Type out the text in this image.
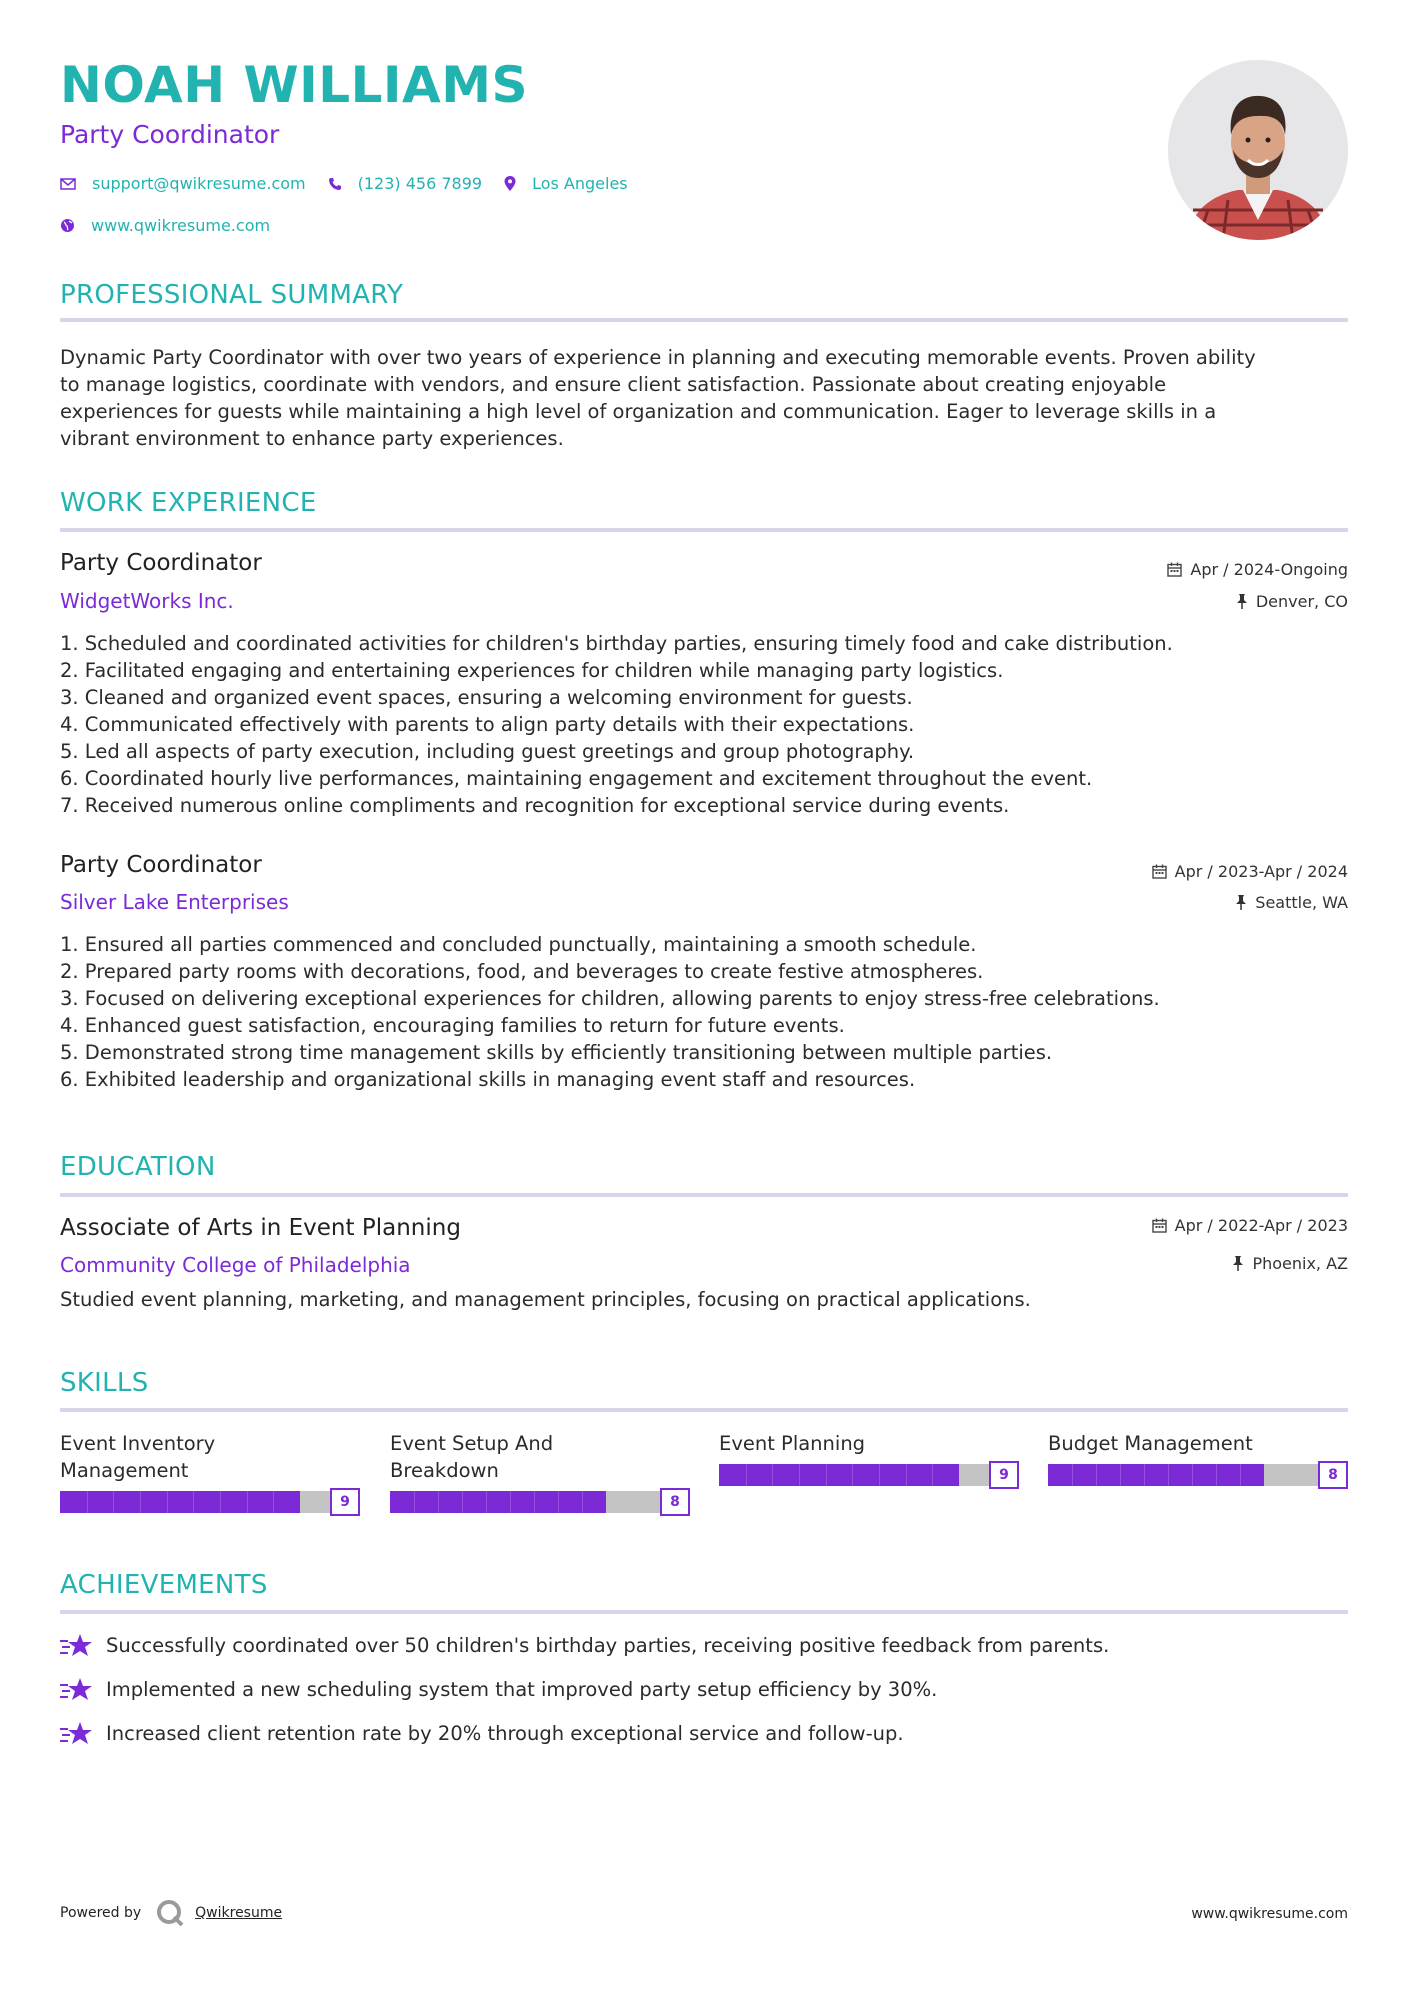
NOAH WILLIAMS
Party Coordinator
support@qwikresume.com	(123) 456 7899	Los Angeles
www.qwikresume.com
PROFESSIONAL SUMMARY
Dynamic Party Coordinator with over two years of experience in planning and executing memorable events. Proven ability
to manage logistics, coordinate with vendors, and ensure client satisfaction. Passionate about creating enjoyable
experiences for guests while maintaining a high level of organization and communication. Eager to leverage skills in a
vibrant environment to enhance party experiences.
WORK EXPERIENCE
Party Coordinator
WidgetWorks Inc.
Apr / 2024-Ongoing
Denver, CO
1. Scheduled and coordinated activities for children's birthday parties, ensuring timely food and cake distribution.
2. Facilitated engaging and entertaining experiences for children while managing party logistics.
3. Cleaned and organized event spaces, ensuring a welcoming environment for guests.
4. Communicated effectively with parents to align party details with their expectations.
5. Led all aspects of party execution, including guest greetings and group photography.
6. Coordinated hourly live performances, maintaining engagement and excitement throughout the event.
7. Received numerous online compliments and recognition for exceptional service during events.
Party Coordinator
Silver Lake Enterprises
Apr / 2023-Apr / 2024
Seattle, WA
1. Ensured all parties commenced and concluded punctually, maintaining a smooth schedule.
2. Prepared party rooms with decorations, food, and beverages to create festive atmospheres.
3. Focused on delivering exceptional experiences for children, allowing parents to enjoy stress-free celebrations.
4. Enhanced guest satisfaction, encouraging families to return for future events.
5. Demonstrated strong time management skills by efficiently transitioning between multiple parties.
6. Exhibited leadership and organizational skills in managing event staff and resources.
EDUCATION
Associate of Arts in Event Planning
Community College of Philadelphia
Apr / 2022-Apr / 2023
Phoenix, AZ
Studied event planning, marketing, and management principles, focusing on practical applications.
SKILLS
Event Inventory
Management
9
Event Setup And
Breakdown
8
Event Planning
9
Budget Management
8
ACHIEVEMENTS
Successfully coordinated over 50 children's birthday parties, receiving positive feedback from parents.
Implemented a new scheduling system that improved party setup efficiency by 30%.
Increased client retention rate by 20% through exceptional service and follow-up.
Powered by	Qwikresume	www.qwikresume.com
